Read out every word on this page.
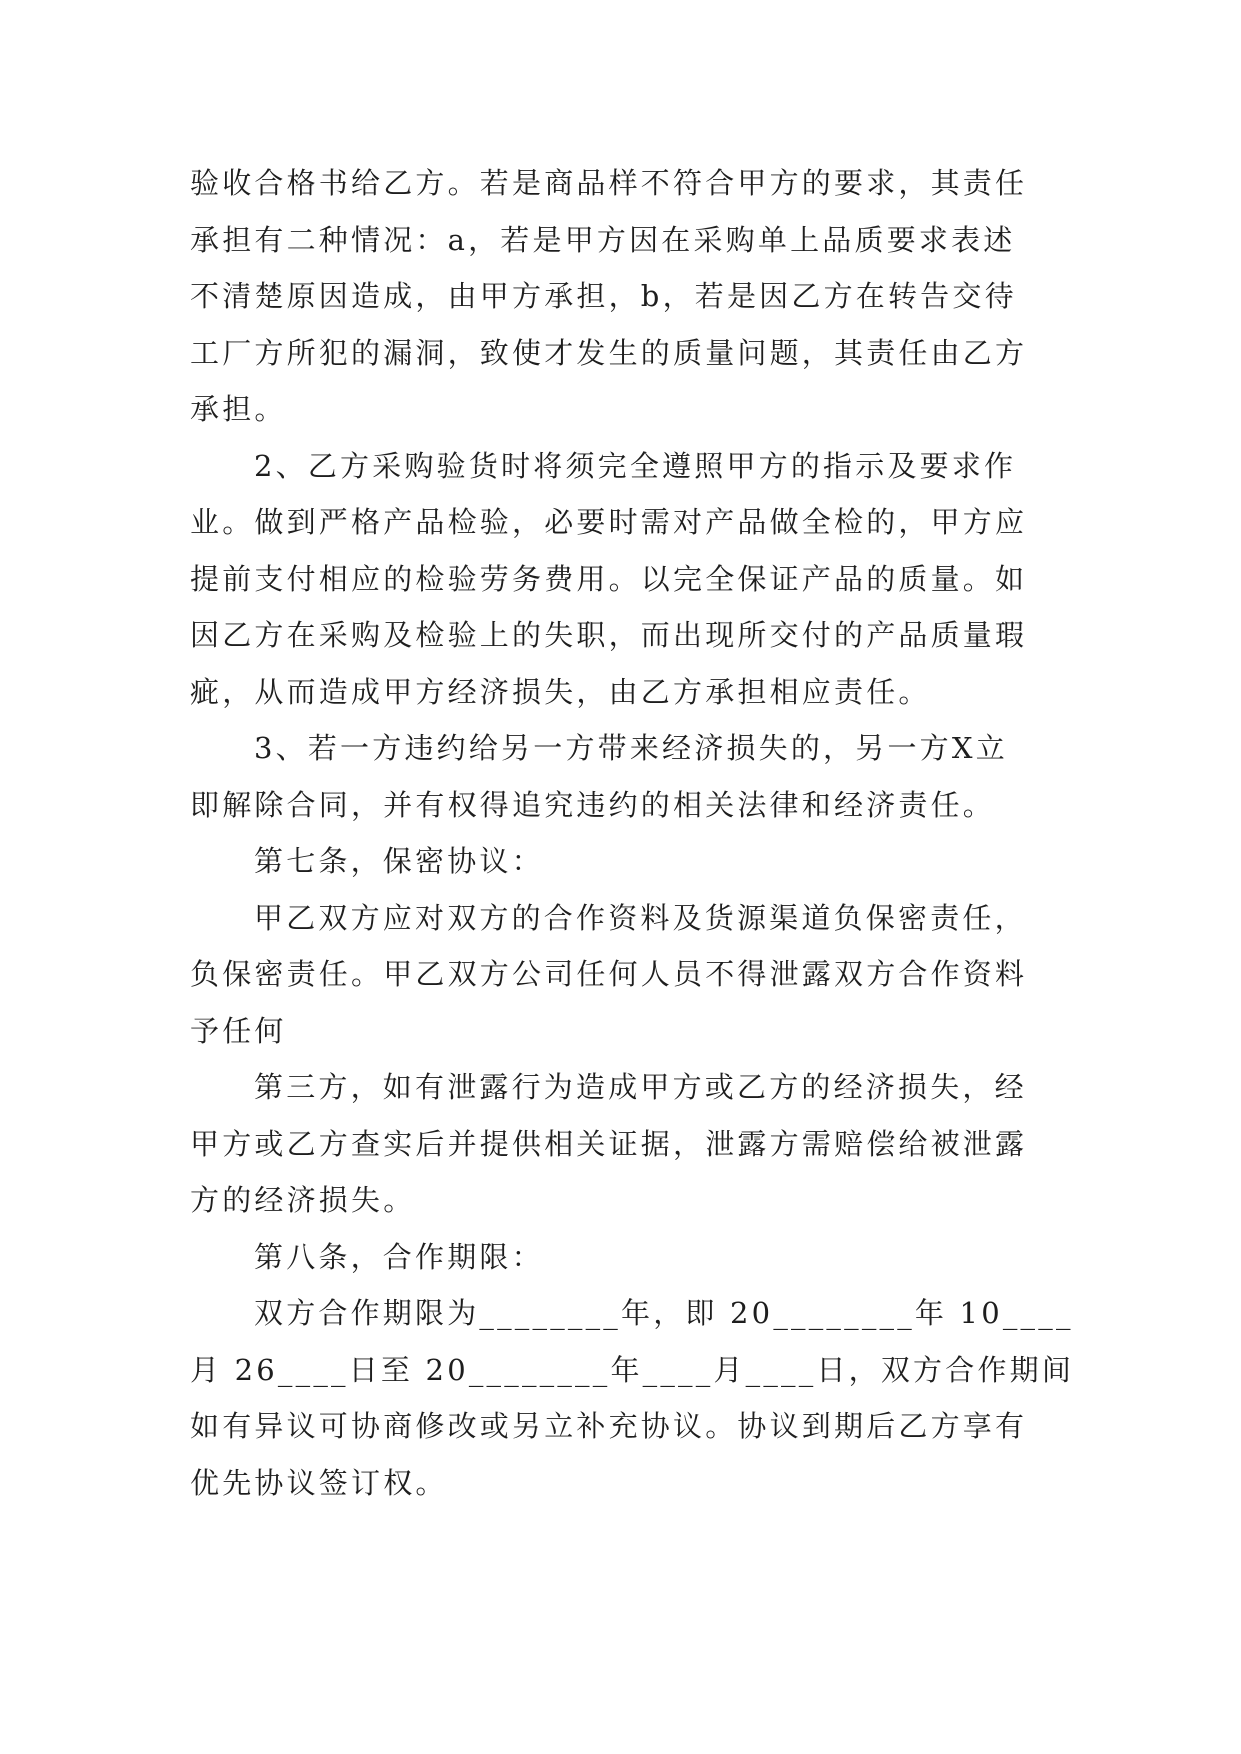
验收合格书给乙方。若是商品样不符合甲方的要求，其责任
承担有二种情况：a，若是甲方因在采购单上品质要求表述
不清楚原因造成，由甲方承担，b，若是因乙方在转告交待
工厂方所犯的漏洞，致使才发生的质量问题，其责任由乙方
承担。
2、乙方采购验货时将须完全遵照甲方的指示及要求作
业。做到严格产品检验，必要时需对产品做全检的，甲方应
提前支付相应的检验劳务费用。以完全保证产品的质量。如
因乙方在采购及检验上的失职，而出现所交付的产品质量瑕
疵，从而造成甲方经济损失，由乙方承担相应责任。
3、若一方违约给另一方带来经济损失的，另一方X立
即解除合同，并有权得追究违约的相关法律和经济责任。
第七条，保密协议：
甲乙双方应对双方的合作资料及货源渠道负保密责任，
负保密责任。甲乙双方公司任何人员不得泄露双方合作资料
予任何
第三方，如有泄露行为造成甲方或乙方的经济损失，经
甲方或乙方查实后并提供相关证据，泄露方需赔偿给被泄露
方的经济损失。
第八条，合作期限：
双方合作期限为________年，即 20________年 10____
月 26____日至 20________年____月____日，双方合作期间
如有异议可协商修改或另立补充协议。协议到期后乙方享有
优先协议签订权。
